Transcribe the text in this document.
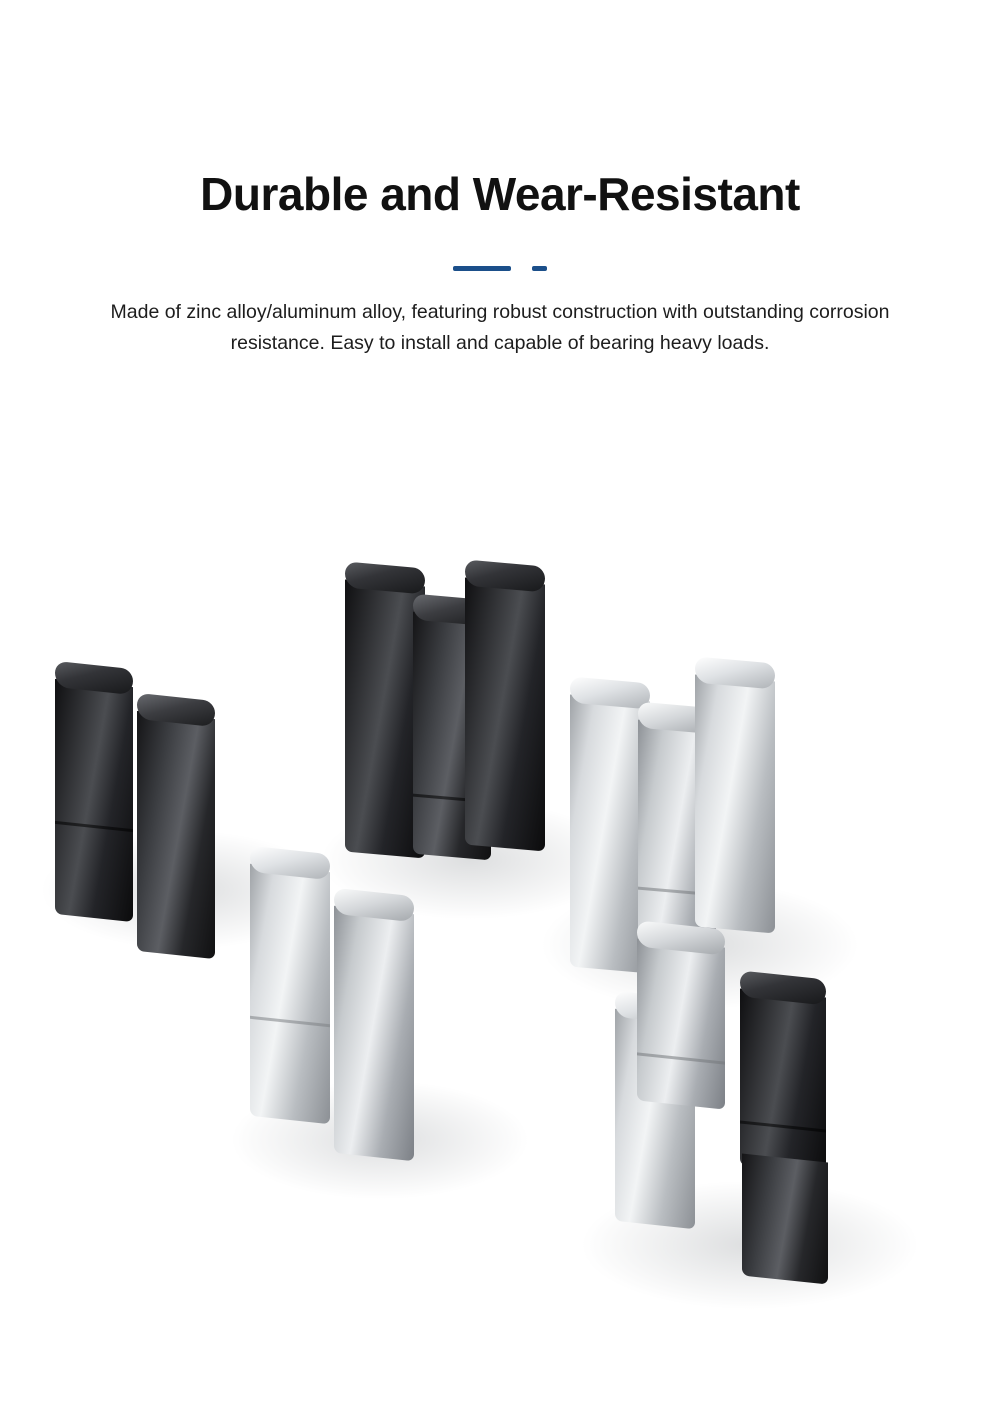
Durable and Wear-Resistant

Made of zinc alloy/aluminum alloy, featuring robust construction with outstanding corrosion resistance. Easy to install and capable of bearing heavy loads.
